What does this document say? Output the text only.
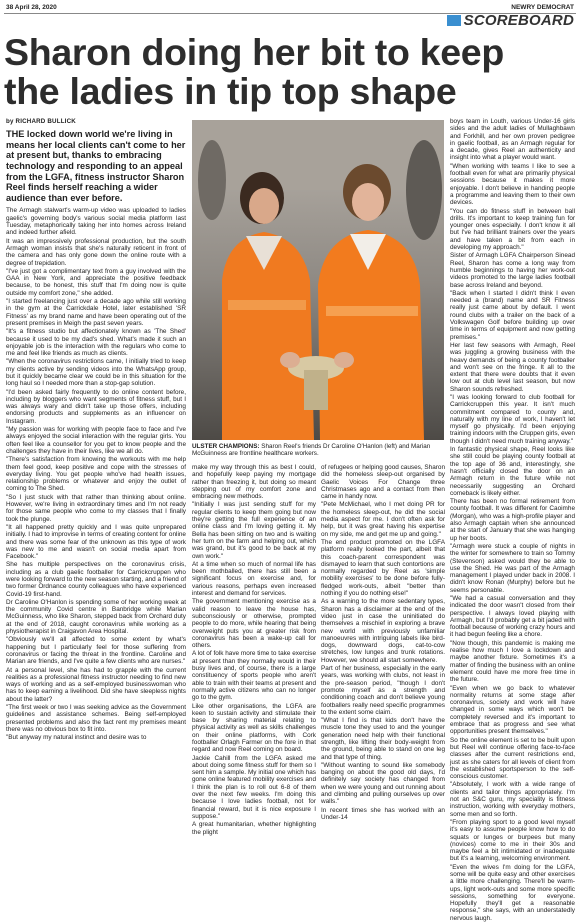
38 April 28, 2020	NEWRY DEMOCRAT
SCOREBOARD
Sharon doing her bit to keep
the ladies in tip top shape
by RICHARD BULLICK
THE locked down world we're living in means her local clients can't come to her at present but, thanks to embracing technology and responding to an appeal from the LGFA, fitness instructor Sharon Reel finds herself reaching a wider audience than ever before.

The Armagh stalwart's warm-up video was uploaded to ladies gaelic's governing body's various social media platform last Tuesday, metaphorically taking her into homes across Ireland and indeed further afield.

It was an impressively professional production, but the south Armagh woman insists that she's naturally reticent in front of the camera and has only gone down the online route with a degree of trepidation.

"I've just got a complimentary text from a guy involved with the GAA in New York, and appreciate the positive feedback because, to be honest, this stuff that I'm doing now is quite outside my comfort zone," she added.

"I started freelancing just over a decade ago while still working in the gym at the Carrickdale Hotel, later established 'SR Fitness' as my brand name and have been operating out of the present premises in Meigh the past seven years.

"It's a fitness studio but affectionately known as 'The Shed' because it used to be my dad's shed. What's made it such an enjoyable job is the interaction with the regulars who come to me and feel like friends as much as clients.

"When the coronavirus restrictions came, I initially tried to keep my clients active by sending videos into the WhatsApp group, but it quickly became clear we could be in this situation for the long haul so I needed more than a stop-gap solution.

"I'd been asked fairly frequently to do online content before, including by bloggers who want segments of fitness stuff, but I was always wary and didn't take up those offers, including endorsing products and supplements as an influencer on Instagram.

"My passion was for working with people face to face and I've always enjoyed the social interaction with the regular girls. You often feel like a counsellor for you get to know people and the challenges they have in their lives, like we all do.

"There's satisfaction from knowing the workouts with me help them feel good, keep positive and cope with the stresses of everyday living. You get people who've had health issues, relationship problems or whatever and enjoy the outlet of coming to The Shed.

"So I just stuck with that rather than thinking about online. However, we're living in extraordinary times and I'm not ready for those same people who come to my classes that I finally took the plunge.

"It all happened pretty quickly and I was quite unprepared initially. I had to improvise in terms of creating content for online and there was some fear of the unknown as this type of work was new to me and wasn't on social media apart from Facebook."

She has multiple perspectives on the coronavirus crisis, including as a club gaelic footballer for Carrickcruppen who were looking forward to the new season starting, and a friend of two former Ordnance county colleagues who have experienced Covid-19 first-hand.

Dr Caroline O'Hanlon is spending some of her working week at the community Covid centre in Banbridge while Marian McGuinness, who like Sharon, stepped back from Orchard duty at the end of 2018, caught coronavirus while working as a physiotherapist in Craigavon Area Hospital.

"Obviously we'll all affected to some extent by what's happening but I particularly feel for those suffering from coronavirus or facing the threat in the frontline. Caroline and Marian are friends, and I've quite a few clients who are nurses."

At a personal level, she has had to grapple with the current realities as a professional fitness instructor needing to find new ways of working and as a self-employed businesswoman who has to keep earning a livelihood. Did she have sleepless nights about the latter?

"The first week or two I was seeking advice as the Government guidelines and assistance schemes. Being self-employed presented problems and also the fact rent my premises meant there was no obvious box to fit into.

"But anyway my natural instinct and desire was to

ULSTER CHAMPIONS: Sharon Reel's friends Dr Caroline O'Hanlon (left) and Marian McGuinness are frontline healthcare workers.

make my way through this as best I could, and hopefully keep paying my mortgage rather than freezing it, but doing so meant stepping out of my comfort zone and embracing new methods.

"Initially I was just sending stuff for my regular clients to keep them going but now they're getting the full experience of an online class and I'm loving getting it. My Bella has been sitting on two and is waiting her turn on the farm and helping out, which was grand, but it's good to be back at my own work."

At a time when so much of normal life has been mothballed, there has still been a significant focus on exercise and, for various reasons, perhaps even increased interest and demand for services.

The government mentioning exercise as a valid reason to leave the house has, subconsciously or otherwise, prompted people to do more, while hearing that being overweight puts you at greater risk from coronavirus has been a wake-up call for others.

A lot of folk have more time to take exercise at present than they normally would in their busy lives and, of course, there is a large constituency of sports people who aren't able to train with their teams at present and normally active citizens who can no longer go to the gym.

Like other organisations, the LGFA are keen to sustain activity and stimulate their base by sharing material relating to physical activity as well as skills challenges on their online platforms, with Cork footballer Orlagh Farmer on the fore in that regard and now Reel coming on board.

Jackie Cahill from the LGFA asked me about doing some fitness stuff for them so I sent him a sample. My initial one which has gone online featured mobility exercises and I think the plan is to roll out 6-8 of them over the next few weeks. I'm doing this because I love ladies football, not for financial reward, but it is nice exposure I suppose."

A great humanitarian, whether highlighting the plight

of refugees or helping good causes, Sharon did the homeless sleep-out organised by Gaelic Voices For Change three Christmases ago and a contact from then came in handy now.

"Pete McMichael, who I met doing PR for the homeless sleep-out, he did the social media aspect for me. I don't often ask for help, but it was great having his expertise on my side, me and get me up and going."

The end product promoted on the LGFA platform really looked the part, albeit that this coach-parent correspondent was dismayed to learn that such contortions are normally regarded by Reel as 'simple mobility exercises' to be done before fully-fledged work-outs, albeit "better than nothing if you do nothing else!"

As a warning to the more sedentary types, Sharon has a disclaimer at the end of the video just in case the uninitiated do themselves a mischief in exploring a brave new world with previously unfamiliar manoeuvres with intriguing labels like bird-dogs, downward dogs, cat-to-cow stretches, low lunges and trunk rotations. However, we should all start somewhere.

Part of her business, especially in the early years, was working with clubs, not least in the pre-season period, "though I don't promote myself as a strength and conditioning coach and don't believe young footballers really need specific programmes to the extent some claim.

"What I find is that kids don't have the muscle tone they used to and the younger generation need help with their functional strength, like lifting their body-weight from the ground, being able to stand on one leg and that type of thing.

"Without wanting to sound like somebody banging on about the good old days, I'd definitely say society has changed from when we were young and out running about and climbing and pulling ourselves up over walls."

In recent times she has worked with an Under-14

boys team in Louth, various Under-16 girls sides and the adult ladies of Mullaghbawn and Forkhill, and her own proven pedigree in gaelic football, as an Armagh regular for a decade, gives Reel an authenticity and insight into what a player would want.

"When working with teams I like to see a football even for what are primarily physical sessions because it makes it more enjoyable. I don't believe in handing people a programme and leaving them to their own devices.

"You can do fitness stuff in between ball drills. It's important to keep training fun for younger ones especially. I don't know it all but I've had brilliant trainers over the years and have taken a bit from each in developing my approach."

Sister of Armagh LGFA Chairperson Sinead Reel, Sharon has come a long way from humble beginnings to having her work-out videos promoted to the large ladies football base across Ireland and beyond.

"Back when I started I didn't think I even needed a (brand) name and SR Fitness really just came about by default. I went round clubs with a trailer on the back of a Volkswagen Golf before building up over time in terms of equipment and now getting premises."

Her last few seasons with Armagh, Reel was juggling a growing business with the heavy demands of being a county footballer and won't see on the fringe. It all to the extent that there were doubts that it even low out at club level last season, but now Sharon sounds refreshed.

"I was looking forward to club football for Carrickcruppen this year. It isn't much commitment compared to county and, naturally with my line of work, I haven't let myself go physically. I'd been enjoying training indoors with the Cruppen girls, even though I didn't need much training anyway."

In fantastic physical shape, Reel looks like she still could be playing county football at the top age of 36 and, interestingly, she hasn't officially closed the door on an Armagh return in the future while not necessarily suggesting an Orchard comeback is likely either.

There has been no formal retirement from county football. It was different for Caoimhe (Morgan), who was a high-profile player and also Armagh captain when she announced at the start of January that she was hanging up her boots.

"Armagh were stuck a couple of nights in the winter for somewhere to train so Tommy (Stevenson) asked would they be able to use the Shed. He was part of the Armagh management I played under back in 2008. I didn't know Ronan (Murphy) before but he seems personable.

"We had a casual conversation and they indicated the door wasn't closed from their perspective. I always loved playing with Armagh, but I'd probably get a bit jaded with football because of working crazy hours and it had begun feeling like a chore.

"Now though, this pandemic is making me realise how much I love a lockdown and maybe another fixture. Sometimes it's a matter of finding the business with an online element could have me more free time in the future.

"Even when we go back to whatever normality returns at some stage after coronavirus, society and work will have changed in some ways which won't be completely reversed and it's important to embrace that as progress and see what opportunities present themselves."

So the online element is set to be built upon but Reel will continue offering face-to-face classes after the current restrictions end, just as she caters for all levels of client from the established sportsperson to the self-conscious customer.

"Absolutely, I work with a wide range of clients and tailor things appropriately. I'm not an S&C guru, my speciality is fitness instruction, working with everyday mothers, some men and so forth.

"From playing sport to a good level myself it's easy to assume people know how to do squats or lunges or burpees but many (novices) come to me in their 30s and maybe feel a bit intimidated or inadequate but it's a learning, welcoming environment.

"Even the wives I'm doing for the LGFA, some will be quite easy and other exercises a little more challenging. There'll be warm-ups, light work-outs and some more specific sessions, something for everyone. Hopefully they'll get a reasonable response," she says, with an understatedly nervous laugh.
